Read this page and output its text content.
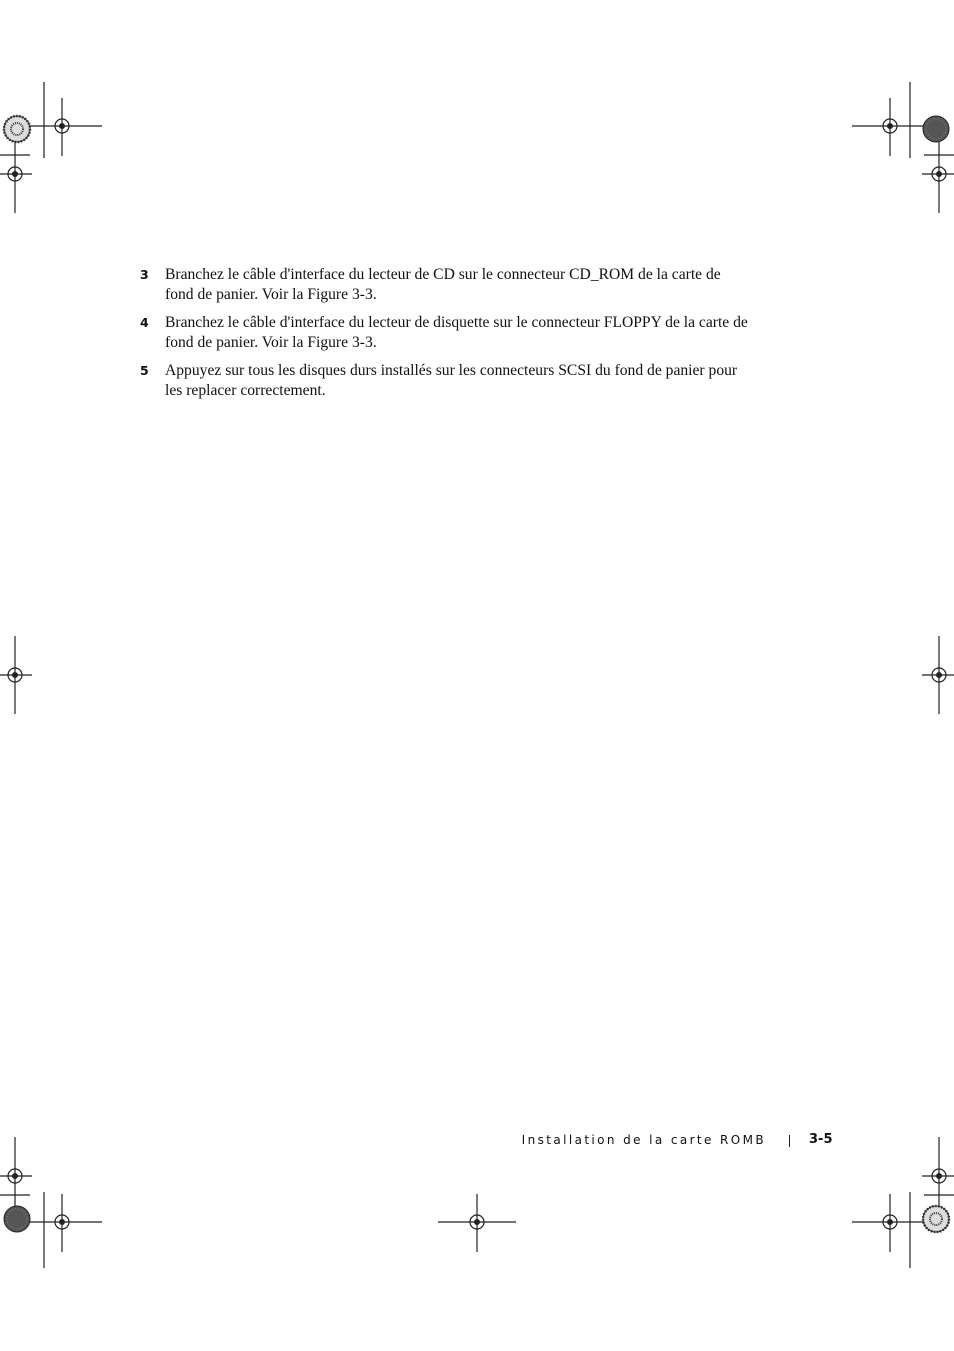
3 Branchez le câble d'interface du lecteur de CD sur le connecteur CD_ROM de la carte de fond de panier. Voir la Figure 3-3.
4 Branchez le câble d'interface du lecteur de disquette sur le connecteur FLOPPY de la carte de fond de panier. Voir la Figure 3-3.
5 Appuyez sur tous les disques durs installés sur les connecteurs SCSI du fond de panier pour les replacer correctement.
Installation de la carte ROMB	3-5
